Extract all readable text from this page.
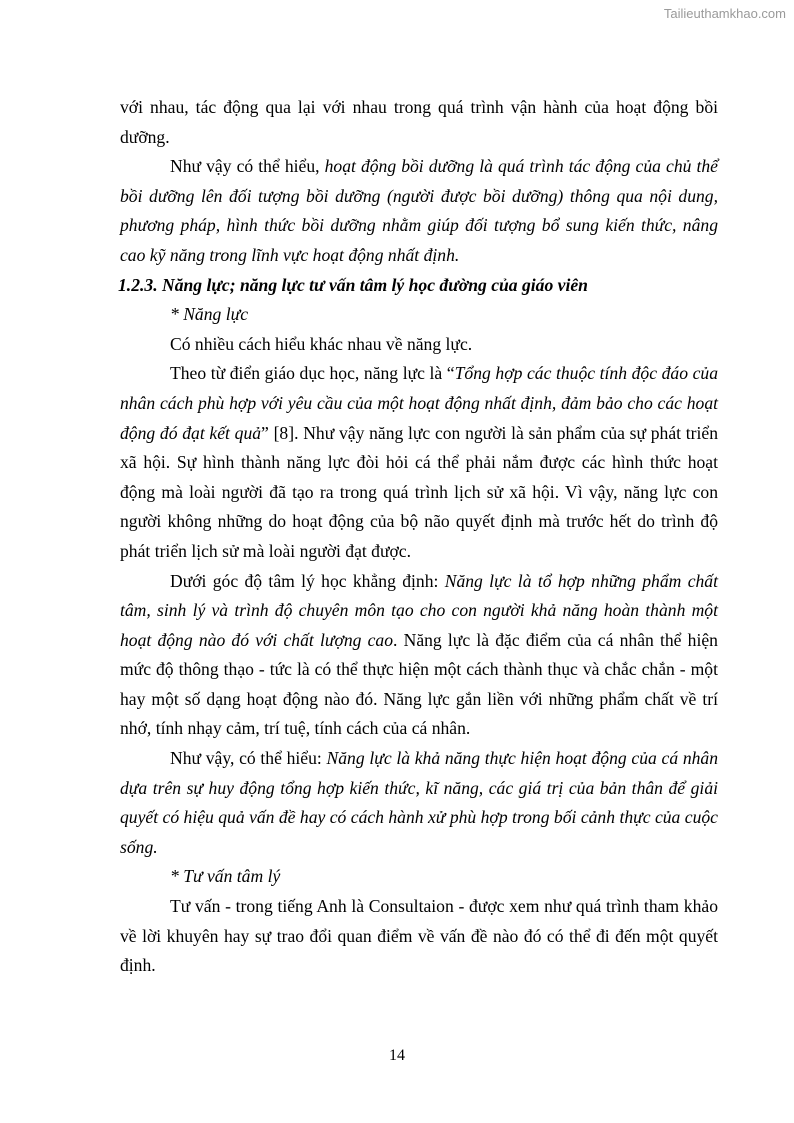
Tailieuthamkhao.com

với nhau, tác động qua lại với nhau trong quá trình vận hành của hoạt động bồi dưỡng.

Như vậy có thể hiểu, hoạt động bồi dưỡng là quá trình tác động của chủ thể bồi dưỡng lên đối tượng bồi dưỡng (người được bồi dưỡng) thông qua nội dung, phương pháp, hình thức bồi dưỡng nhằm giúp đối tượng bổ sung kiến thức, nâng cao kỹ năng trong lĩnh vực hoạt động nhất định.

1.2.3. Năng lực; năng lực tư vấn tâm lý học đường của giáo viên

* Năng lực

Có nhiều cách hiểu khác nhau về năng lực.

Theo từ điển giáo dục học, năng lực là “Tổng hợp các thuộc tính độc đáo của nhân cách phù hợp với yêu cầu của một hoạt động nhất định, đảm bảo cho các hoạt động đó đạt kết quả” [8]. Như vậy năng lực con người là sản phẩm của sự phát triển xã hội. Sự hình thành năng lực đòi hỏi cá thể phải nắm được các hình thức hoạt động mà loài người đã tạo ra trong quá trình lịch sử xã hội. Vì vậy, năng lực con người không những do hoạt động của bộ não quyết định mà trước hết do trình độ phát triển lịch sử mà loài người đạt được.

Dưới góc độ tâm lý học khẳng định: Năng lực là tổ hợp những phẩm chất tâm, sinh lý và trình độ chuyên môn tạo cho con người khả năng hoàn thành một hoạt động nào đó với chất lượng cao. Năng lực là đặc điểm của cá nhân thể hiện mức độ thông thạo - tức là có thể thực hiện một cách thành thục và chắc chắn - một hay một số dạng hoạt động nào đó. Năng lực gắn liền với những phẩm chất về trí nhớ, tính nhạy cảm, trí tuệ, tính cách của cá nhân.

Như vậy, có thể hiểu: Năng lực là khả năng thực hiện hoạt động của cá nhân dựa trên sự huy động tổng hợp kiến thức, kĩ năng, các giá trị của bản thân để giải quyết có hiệu quả vấn đề hay có cách hành xử phù hợp trong bối cảnh thực của cuộc sống.

* Tư vấn tâm lý

Tư vấn - trong tiếng Anh là Consultaion - được xem như quá trình tham khảo về lời khuyên hay sự trao đổi quan điểm về vấn đề nào đó có thể đi đến một quyết định.

14
